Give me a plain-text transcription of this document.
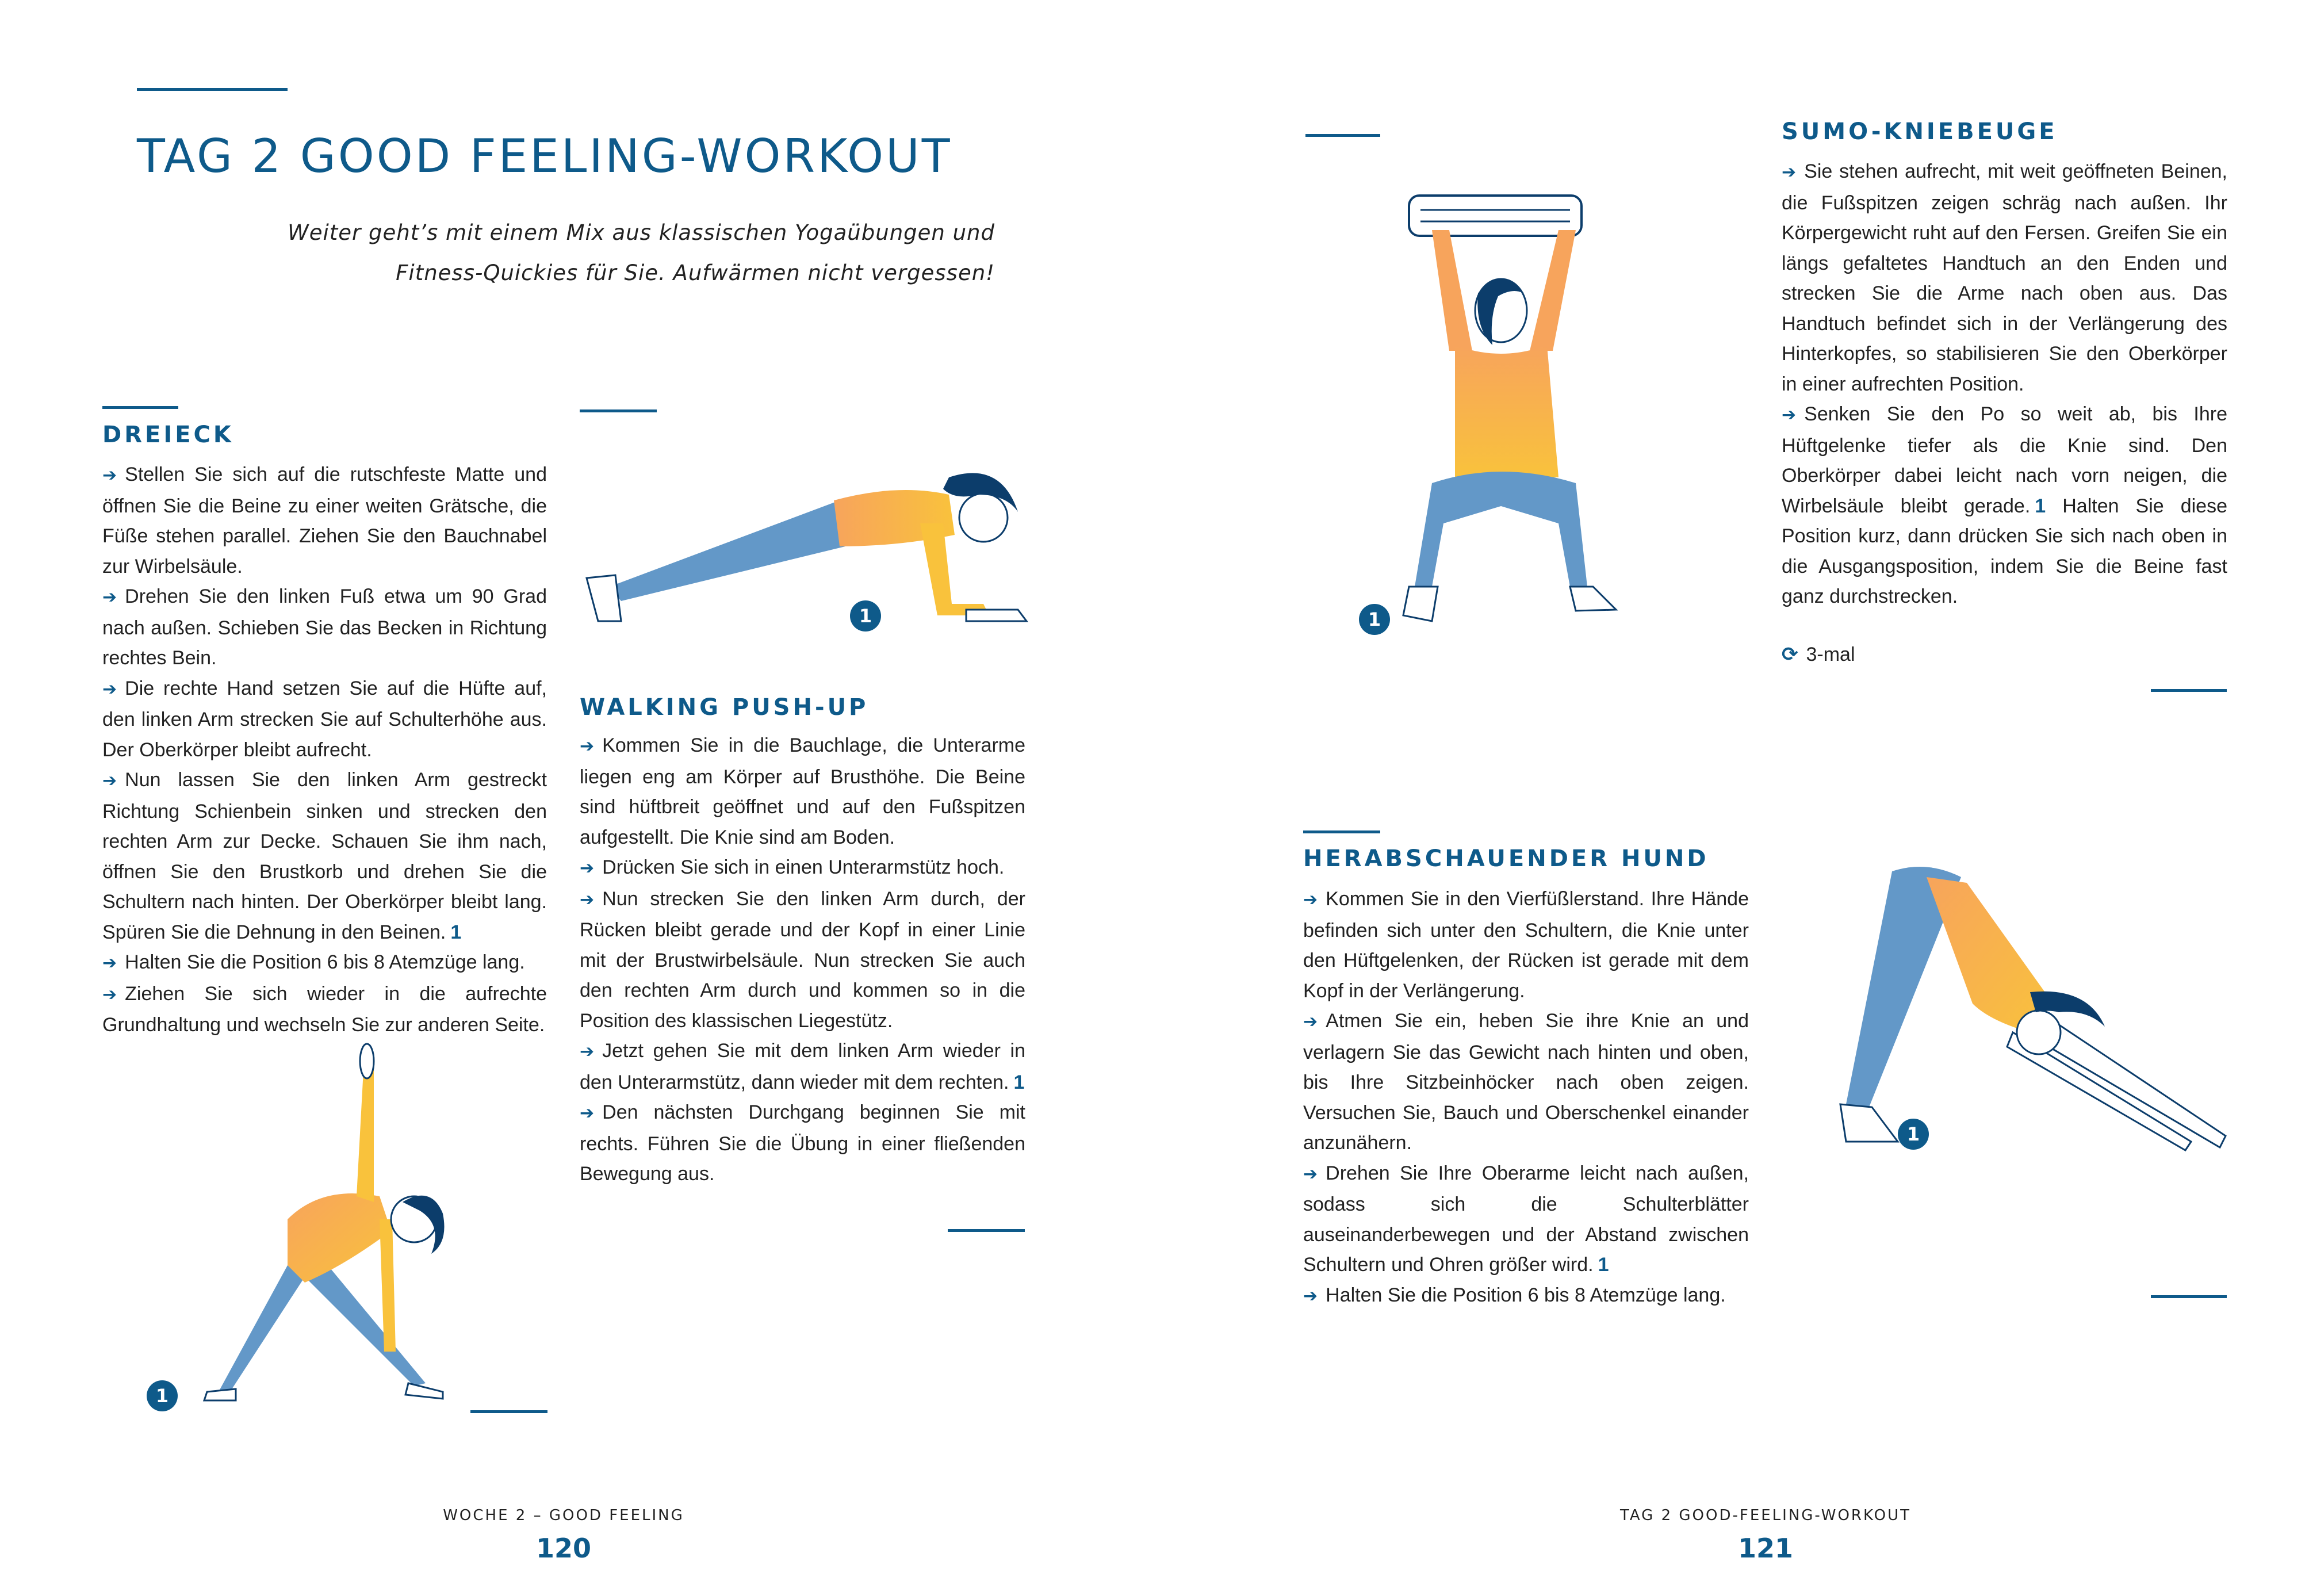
TAG 2 GOOD FEELING-WORKOUT
Weiter geht’s mit einem Mix aus klassischen Yogaübungen und
Fitness-Quickies für Sie. Aufwärmen nicht vergessen!
DREIECK

➔ Stellen Sie sich auf die rutschfeste Matte und öffnen Sie die Beine zu einer weiten Grätsche, die Füße stehen parallel. Ziehen Sie den Bauchnabel zur Wirbelsäule.

➔ Drehen Sie den linken Fuß etwa um 90 Grad nach außen. Schieben Sie das Becken in Richtung rechtes Bein.

➔ Die rechte Hand setzen Sie auf die Hüfte auf, den linken Arm strecken Sie auf Schulterhöhe aus. Der Oberkörper bleibt aufrecht.

➔ Nun lassen Sie den linken Arm gestreckt Richtung Schienbein sinken und strecken den rechten Arm zur Decke. Schauen Sie ihm nach, öffnen Sie den Brustkorb und drehen Sie die Schultern nach hinten. Der Oberkörper bleibt lang. Spüren Sie die Dehnung in den Beinen. 1

➔ Halten Sie die Position 6 bis 8 Atemzüge lang.

➔ Ziehen Sie sich wieder in die aufrechte Grundhaltung und wechseln Sie zur anderen Seite.

1
1
WALKING PUSH-UP

➔ Kommen Sie in die Bauchlage, die Unterarme liegen eng am Körper auf Brusthöhe. Die Beine sind hüftbreit geöffnet und auf den Fußspitzen aufgestellt. Die Knie sind am Boden.

➔ Drücken Sie sich in einen Unterarmstütz hoch.

➔ Nun strecken Sie den linken Arm durch, der Rücken bleibt gerade und der Kopf in einer Linie mit der Brustwirbelsäule. Nun strecken Sie auch den rechten Arm durch und kommen so in die Position des klassischen Liegestütz.

➔ Jetzt gehen Sie mit dem linken Arm wieder in den Unterarmstütz, dann wieder mit dem rechten. 1

➔ Den nächsten Durchgang beginnen Sie mit rechts. Führen Sie die Übung in einer fließenden Bewegung aus.

1
SUMO-KNIEBEUGE

➔ Sie stehen aufrecht, mit weit geöffneten Beinen, die Fußspitzen zeigen schräg nach außen. Ihr Körpergewicht ruht auf den Fersen. Greifen Sie ein längs gefaltetes Handtuch an den Enden und strecken Sie die Arme nach oben aus. Das Handtuch befindet sich in der Verlängerung des Hinterkopfes, so stabilisieren Sie den Oberkörper in einer aufrechten Position.

➔ Senken Sie den Po so weit ab, bis Ihre Hüftgelenke tiefer als die Knie sind. Den Oberkörper dabei leicht nach vorn neigen, die Wirbelsäule bleibt gerade. 1 Halten Sie diese Position kurz, dann drücken Sie sich nach oben in die Ausgangsposition, indem Sie die Beine fast ganz durchstrecken.

⟳ 3-mal
HERABSCHAUENDER HUND

➔ Kommen Sie in den Vierfüßlerstand. Ihre Hände befinden sich unter den Schultern, die Knie unter den Hüftgelenken, der Rücken ist gerade mit dem Kopf in der Verlängerung.

➔ Atmen Sie ein, heben Sie ihre Knie an und verlagern Sie das Gewicht nach hinten und oben, bis Ihre Sitzbeinhöcker nach oben zeigen. Versuchen Sie, Bauch und Oberschenkel einander anzunähern.

➔ Drehen Sie Ihre Oberarme leicht nach außen, sodass sich die Schulterblätter auseinanderbewegen und der Abstand zwischen Schultern und Ohren größer wird. 1

➔ Halten Sie die Position 6 bis 8 Atemzüge lang.

1
WOCHE 2 – GOOD FEELING
120
TAG 2 GOOD-FEELING-WORKOUT
121
